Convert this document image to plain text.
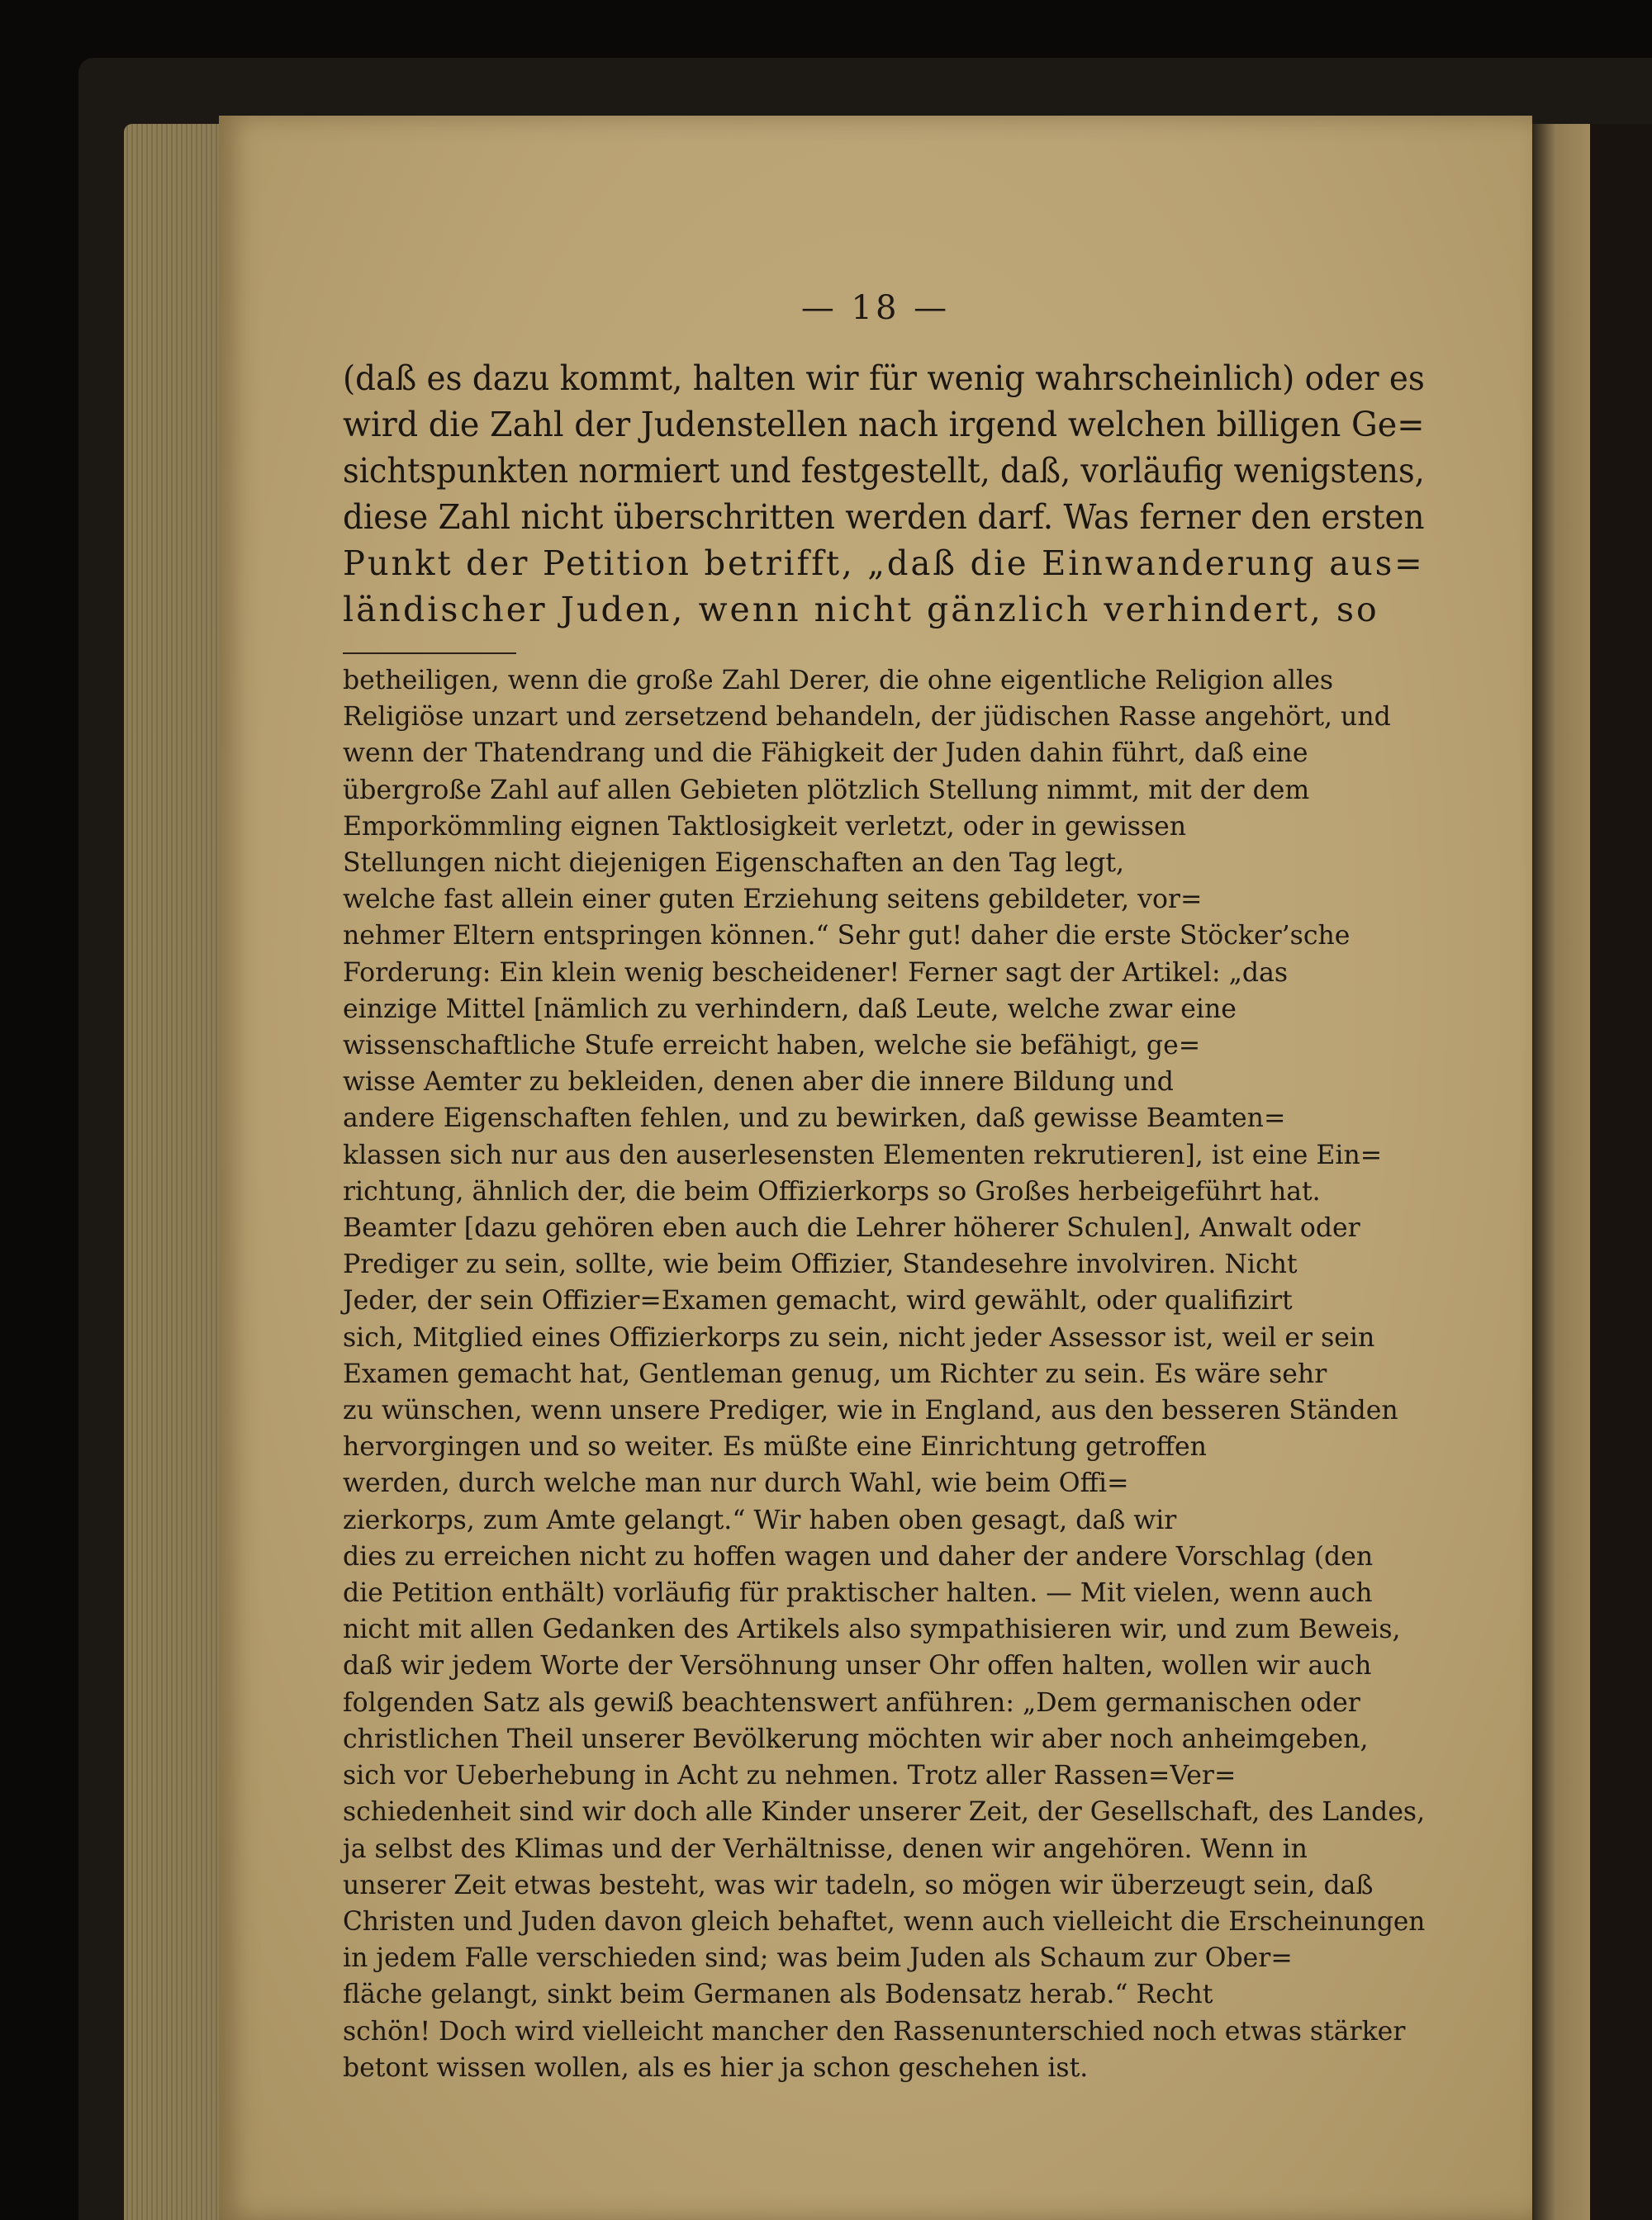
— 18 —
(daß es dazu kommt, halten wir für wenig wahrscheinlich) oder es
wird die Zahl der Judenstellen nach irgend welchen billigen Ge=
sichtspunkten normiert und festgestellt, daß, vorläufig wenigstens,
diese Zahl nicht überschritten werden darf. Was ferner den ersten
Punkt der Petition betrifft, „daß die Einwanderung aus=
ländischer Juden, wenn nicht gänzlich verhindert, so
betheiligen, wenn die große Zahl Derer, die ohne eigentliche Religion alles
Religiöse unzart und zersetzend behandeln, der jüdischen Rasse angehört, und
wenn der Thatendrang und die Fähigkeit der Juden dahin führt, daß eine
übergroße Zahl auf allen Gebieten plötzlich Stellung nimmt, mit der dem
Emporkömmling eignen Taktlosigkeit verletzt, oder in gewissen
Stellungen nicht diejenigen Eigenschaften an den Tag legt,
welche fast allein einer guten Erziehung seitens gebildeter, vor=
nehmer Eltern entspringen können.“ Sehr gut! daher die erste Stöcker’sche
Forderung: Ein klein wenig bescheidener! Ferner sagt der Artikel: „das
einzige Mittel [nämlich zu verhindern, daß Leute, welche zwar eine
wissenschaftliche Stufe erreicht haben, welche sie befähigt, ge=
wisse Aemter zu bekleiden, denen aber die innere Bildung und
andere Eigenschaften fehlen, und zu bewirken, daß gewisse Beamten=
klassen sich nur aus den auserlesensten Elementen rekrutieren], ist eine Ein=
richtung, ähnlich der, die beim Offizierkorps so Großes herbeigeführt hat.
Beamter [dazu gehören eben auch die Lehrer höherer Schulen], Anwalt oder
Prediger zu sein, sollte, wie beim Offizier, Standesehre involviren. Nicht
Jeder, der sein Offizier=Examen gemacht, wird gewählt, oder qualifizirt
sich, Mitglied eines Offizierkorps zu sein, nicht jeder Assessor ist, weil er sein
Examen gemacht hat, Gentleman genug, um Richter zu sein. Es wäre sehr
zu wünschen, wenn unsere Prediger, wie in England, aus den besseren Ständen
hervorgingen und so weiter. Es müßte eine Einrichtung getroffen
werden, durch welche man nur durch Wahl, wie beim Offi=
zierkorps, zum Amte gelangt.“ Wir haben oben gesagt, daß wir
dies zu erreichen nicht zu hoffen wagen und daher der andere Vorschlag (den
die Petition enthält) vorläufig für praktischer halten. — Mit vielen, wenn auch
nicht mit allen Gedanken des Artikels also sympathisieren wir, und zum Beweis,
daß wir jedem Worte der Versöhnung unser Ohr offen halten, wollen wir auch
folgenden Satz als gewiß beachtenswert anführen: „Dem germanischen oder
christlichen Theil unserer Bevölkerung möchten wir aber noch anheimgeben,
sich vor Ueberhebung in Acht zu nehmen. Trotz aller Rassen=Ver=
schiedenheit sind wir doch alle Kinder unserer Zeit, der Gesellschaft, des Landes,
ja selbst des Klimas und der Verhältnisse, denen wir angehören. Wenn in
unserer Zeit etwas besteht, was wir tadeln, so mögen wir überzeugt sein, daß
Christen und Juden davon gleich behaftet, wenn auch vielleicht die Erscheinungen
in jedem Falle verschieden sind; was beim Juden als Schaum zur Ober=
fläche gelangt, sinkt beim Germanen als Bodensatz herab.“ Recht
schön! Doch wird vielleicht mancher den Rassenunterschied noch etwas stärker
betont wissen wollen, als es hier ja schon geschehen ist.
